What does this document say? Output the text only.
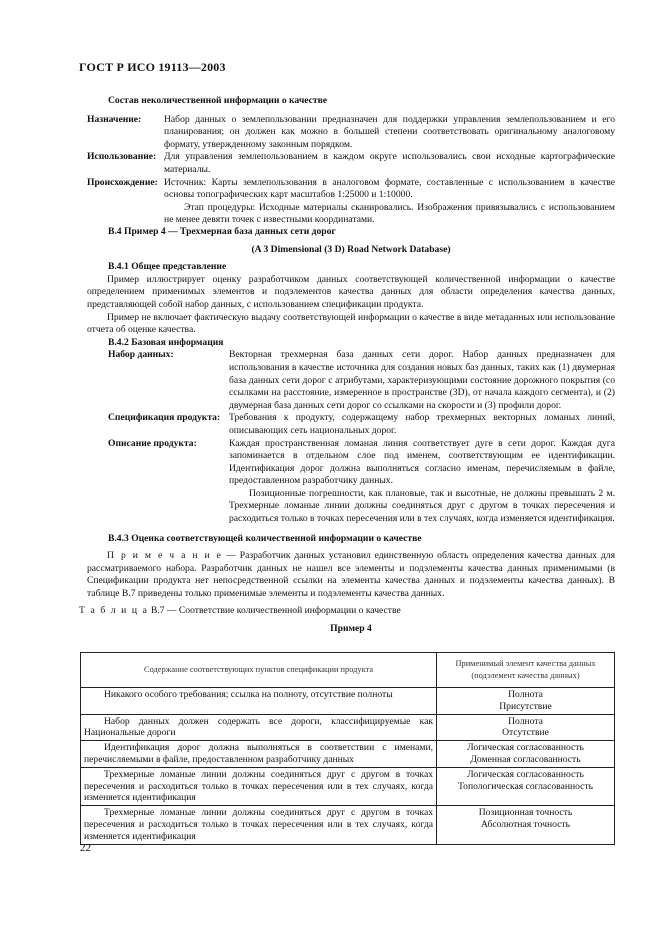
ГОСТ Р ИСО 19113—2003
Состав неколичественной информации о качестве
Назначение:	Набор данных о землепользовании предназначен для поддержки управления землепользованием и его планирования; он должен как можно в большей степени соответствовать оригинальному аналоговому формату, утвержденному законным порядком.
Использование: Для управления землепользованием в каждом округе использовались свои исходные картографические материалы.
Происхождение: Источник: Карты землепользования в аналоговом формате, составленные с использованием в качестве основы топографических карт масштабов 1:25000 и 1:10000.
Этап процедуры: Исходные материалы сканировались. Изображения привязывались с использованием не менее девяти точек с известными координатами.
В.4 Пример 4 — Трехмерная база данных сети дорог
(A 3 Dimensional (3 D) Road Network Database)
В.4.1 Общее представление
Пример иллюстрирует оценку разработчиком данных соответствующей количественной информации о качестве определением применимых элементов и подэлементов качества данных для области определения качества данных, представляющей собой набор данных, с использованием спецификации продукта.
Пример не включает фактическую выдачу соответствующей информации о качестве в виде метаданных или использование отчета об оценке качества.
В.4.2 Базовая информация
Набор данных:	Векторная трехмерная база данных сети дорог. Набор данных предназначен для использования в качестве источника для создания новых баз данных, таких как (1) двумерная база данных сети дорог с атрибутами, характеризующими состояние дорожного покрытия (со ссылками на расстояние, измеренное в пространстве (3D), от начала каждого сегмента), и (2) двумерная база данных сети дорог со ссылками на скорости и (3) профили дорог.
Спецификация продукта: Требования к продукту, содержащему набор трехмерных векторных ломаных линий, описывающих сеть национальных дорог.
Описание продукта:	Каждая пространственная ломаная линия соответствует дуге в сети дорог. Каждая дуга запоминается в отдельном слое под именем, соответствующим ее идентификации. Идентификация дорог должна выполняться согласно именам, перечисляемым в файле, предоставленном разработчику данных.
Позиционные погрешности, как плановые, так и высотные, не должны превышать 2 м. Трехмерные ломаные линии должны соединяться друг с другом в точках пересечения и расходиться только в точках пересечения или в тех случаях, когда изменяется идентификация.
В.4.3 Оценка соответствующей количественной информации о качестве
П р и м е ч а н и е — Разработчик данных установил единственную область определения качества данных для рассматриваемого набора. Разработчик данных не нашел все элементы и подэлементы качества данных применимыми (в Спецификации продукта нет непосредственной ссылки на элементы качества данных и подэлементы качества данных). В таблице В.7 приведены только применимые элементы и подэлементы качества данных.
Т а б л и ц а В.7 — Соответствие количественной информации о качестве
Пример 4
Содержание соответствующих пунктов спецификации продукта	Применимый элемент качества данных (подэлемент качества данных)
Никакого особого требования; ссылка на полноту, отсутствие полноты	Полнота
Присутствие

Набор данных должен содержать все дороги, классифицируемые как Национальные дороги	Полнота
Отсутствие

Идентификация дорог должна выполняться в соответствии с именами, перечисляемыми в файле, предоставленном разработчику данных	Логическая согласованность
Доменная согласованность

Трехмерные ломаные линии должны соединяться друг с другом в точках пересечения и расходиться только в точках пересечения или в тех случаях, когда изменяется идентификация	Логическая согласованность
Топологическая согласованность

Трехмерные ломаные линии должны соединяться друг с другом в точках пересечения и расходиться только в точках пересечения или в тех случаях, когда изменяется идентификация	Позиционная точность
Абсолютная точность
22
